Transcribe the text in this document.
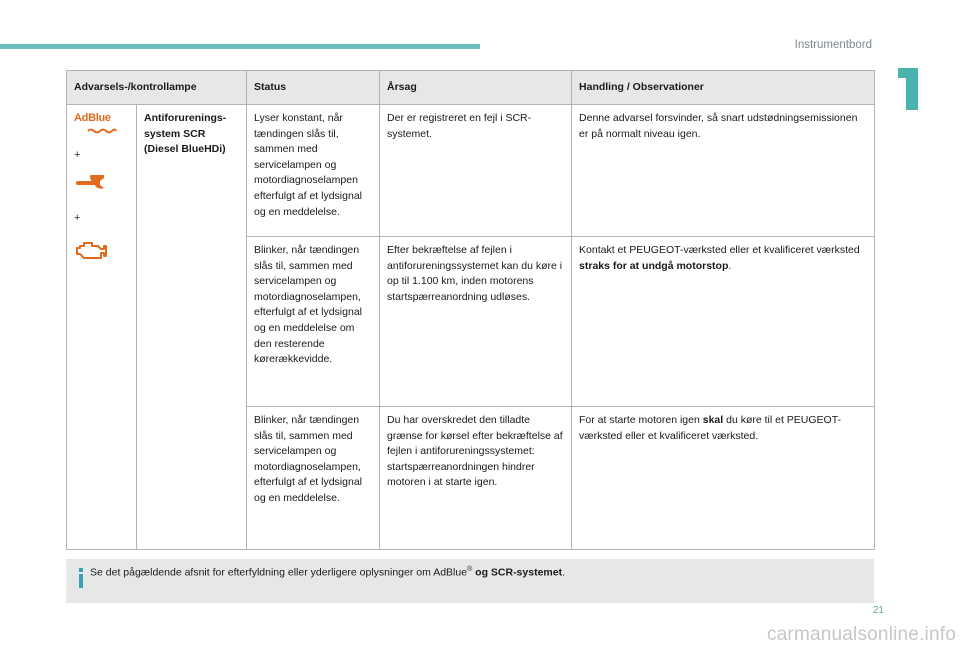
Instrumentbord
Advarsels-/kontrollampe		Status	Årsag	Handling / Observationer

AdBlue
+
+	Antiforurenings-system SCR (Diesel BlueHDi)	Lyser konstant, når tændingen slås til, sammen med servicelampen og motordiagnoselampen efterfulgt af et lydsignal og en meddelelse.	Der er registreret en fejl i SCR-systemet.	Denne advarsel forsvinder, så snart udstødningsemissionen er på normalt niveau igen.
		Blinker, når tændingen slås til, sammen med servicelampen og motordiagnoselampen, efterfulgt af et lydsignal og en meddelelse om den resterende kørerækkevidde.	Efter bekræftelse af fejlen i antiforureningssystemet kan du køre i op til 1.100 km, inden motorens startspærreanordning udløses.	Kontakt et PEUGEOT-værksted eller et kvalificeret værksted straks for at undgå motorstop.
		Blinker, når tændingen slås til, sammen med servicelampen og motordiagnoselampen, efterfulgt af et lydsignal og en meddelelse.	Du har overskredet den tilladte grænse for kørsel efter bekræftelse af fejlen i antiforureningssystemet: startspærreanordningen hindrer motoren i at starte igen.	For at starte motoren igen skal du køre til et PEUGEOT-værksted eller et kvalificeret værksted.
Se det pågældende afsnit for efterfyldning eller yderligere oplysninger om AdBlue® og SCR-systemet.
21
carmanualsonline.info
